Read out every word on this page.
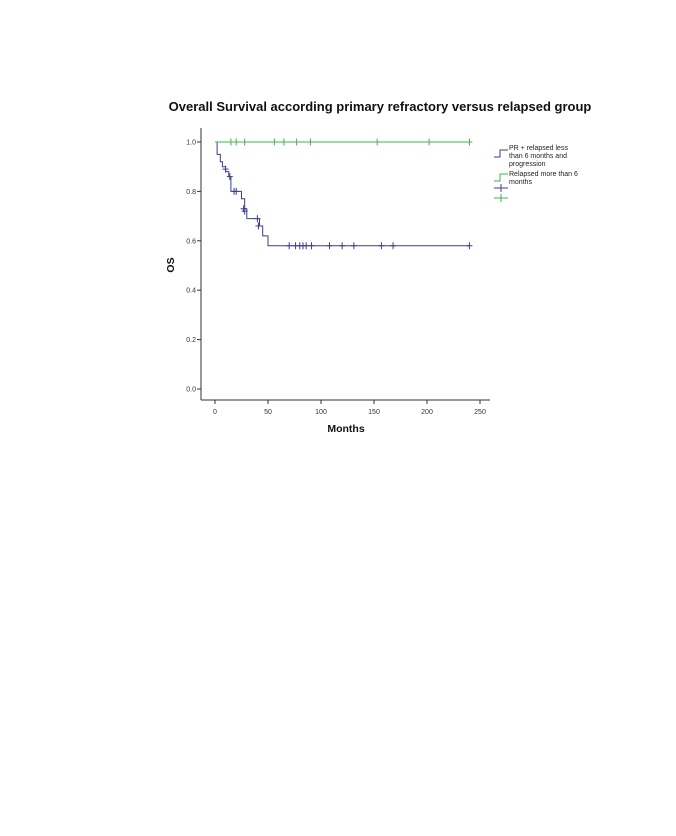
Overall Survival according primary refractory versus relapsed group
0	50	100	150	200	250
0.0
0.2
0.4
0.6
0.8
1.0
Months
OS
PR + relapsed less than 6 months and progression
Relapsed more than 6 months
